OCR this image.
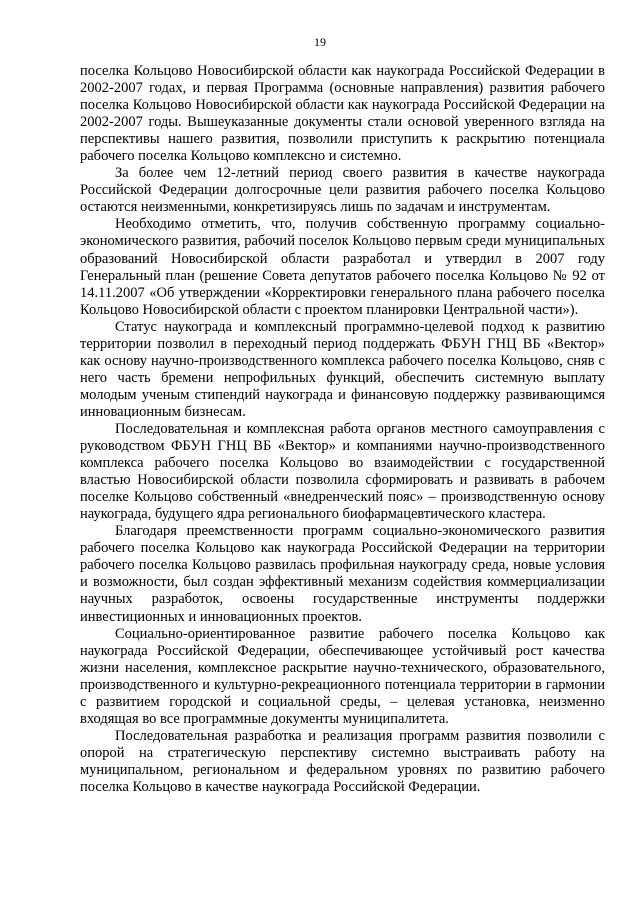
19

поселка Кольцово Новосибирской области как наукограда Российской Федерации в 2002-2007 годах, и первая Программа (основные направления) развития рабочего поселка Кольцово Новосибирской области как наукограда Российской Федерации на 2002-2007 годы. Вышеуказанные документы стали основой уверенного взгляда на перспективы нашего развития, позволили приступить к раскрытию потенциала рабочего поселка Кольцово комплексно и системно.

За более чем 12-летний период своего развития в качестве наукограда Российской Федерации долгосрочные цели развития рабочего поселка Кольцово остаются неизменными, конкретизируясь лишь по задачам и инструментам.

Необходимо отметить, что, получив собственную программу социально-экономического развития, рабочий поселок Кольцово первым среди муниципальных образований Новосибирской области разработал и утвердил в 2007 году Генеральный план (решение Совета депутатов рабочего поселка Кольцово № 92 от 14.11.2007 «Об утверждении «Корректировки генерального плана рабочего поселка Кольцово Новосибирской области с проектом планировки Центральной части»).

Статус наукограда и комплексный программно-целевой подход к развитию территории позволил в переходный период поддержать ФБУН ГНЦ ВБ «Вектор» как основу научно-производственного комплекса рабочего поселка Кольцово, сняв с него часть бремени непрофильных функций, обеспечить системную выплату молодым ученым стипендий наукограда и финансовую поддержку развивающимся инновационным бизнесам.

Последовательная и комплексная работа органов местного самоуправления с руководством ФБУН ГНЦ ВБ «Вектор» и компаниями научно-производственного комплекса рабочего поселка Кольцово во взаимодействии с государственной властью Новосибирской области позволила сформировать и развивать в рабочем поселке Кольцово собственный «внедренческий пояс» – производственную основу наукограда, будущего ядра регионального биофармацевтического кластера.

Благодаря преемственности программ социально-экономического развития рабочего поселка Кольцово как наукограда Российской Федерации на территории рабочего поселка Кольцово развилась профильная наукограду среда, новые условия и возможности, был создан эффективный механизм содействия коммерциализации научных разработок, освоены государственные инструменты поддержки инвестиционных и инновационных проектов.

Социально-ориентированное развитие рабочего поселка Кольцово как наукограда Российской Федерации, обеспечивающее устойчивый рост качества жизни населения, комплексное раскрытие научно-технического, образовательного, производственного и культурно-рекреационного потенциала территории в гармонии с развитием городской и социальной среды, – целевая установка, неизменно входящая во все программные документы муниципалитета.

Последовательная разработка и реализация программ развития позволили с опорой на стратегическую перспективу системно выстраивать работу на муниципальном, региональном и федеральном уровнях по развитию рабочего поселка Кольцово в качестве наукограда Российской Федерации.
